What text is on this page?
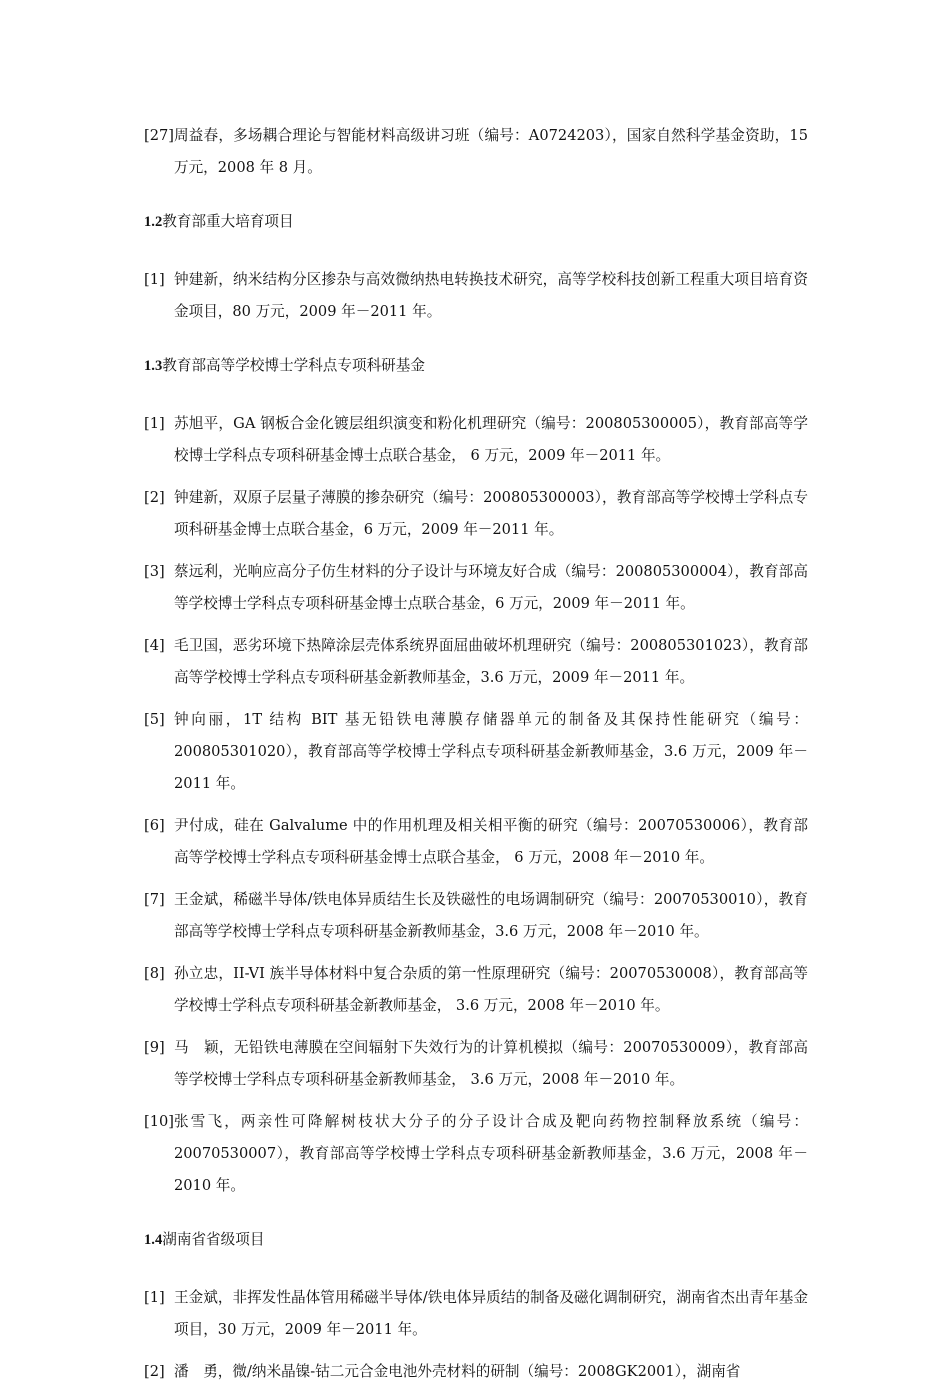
[27] 周益春，多场耦合理论与智能材料高级讲习班（编号：A0724203），国家自然科学基金资助，15 万元，2008 年 8 月。
1.2教育部重大培育项目
[1] 钟建新，纳米结构分区掺杂与高效微纳热电转换技术研究，高等学校科技创新工程重大项目培育资金项目，80 万元，2009 年－2011 年。
1.3教育部高等学校博士学科点专项科研基金
[1] 苏旭平，GA 钢板合金化镀层组织演变和粉化机理研究（编号：200805300005），教育部高等学校博士学科点专项科研基金博士点联合基金， 6 万元，2009 年－2011 年。
[2] 钟建新，双原子层量子薄膜的掺杂研究（编号：200805300003），教育部高等学校博士学科点专项科研基金博士点联合基金，6 万元，2009 年－2011 年。
[3] 蔡远利，光响应高分子仿生材料的分子设计与环境友好合成（编号：200805300004），教育部高等学校博士学科点专项科研基金博士点联合基金，6 万元，2009 年－2011 年。
[4] 毛卫国，恶劣环境下热障涂层壳体系统界面屈曲破坏机理研究（编号：200805301023），教育部高等学校博士学科点专项科研基金新教师基金，3.6 万元，2009 年－2011 年。
[5] 钟向丽，1T 结构 BIT 基无铅铁电薄膜存储器单元的制备及其保持性能研究（编号：200805301020），教育部高等学校博士学科点专项科研基金新教师基金，3.6 万元，2009 年－2011 年。
[6] 尹付成，硅在 Galvalume 中的作用机理及相关相平衡的研究（编号：20070530006），教育部高等学校博士学科点专项科研基金博士点联合基金， 6 万元，2008 年－2010 年。
[7] 王金斌，稀磁半导体/铁电体异质结生长及铁磁性的电场调制研究（编号：20070530010），教育部高等学校博士学科点专项科研基金新教师基金，3.6 万元，2008 年－2010 年。
[8] 孙立忠，II-VI 族半导体材料中复合杂质的第一性原理研究（编号：20070530008），教育部高等学校博士学科点专项科研基金新教师基金， 3.6 万元，2008 年－2010 年。
[9] 马　颖，无铅铁电薄膜在空间辐射下失效行为的计算机模拟（编号：20070530009），教育部高等学校博士学科点专项科研基金新教师基金， 3.6 万元，2008 年－2010 年。
[10] 张雪飞，两亲性可降解树枝状大分子的分子设计合成及靶向药物控制释放系统（编号：20070530007），教育部高等学校博士学科点专项科研基金新教师基金，3.6 万元，2008 年－2010 年。
1.4湖南省省级项目
[1] 王金斌，非挥发性晶体管用稀磁半导体/铁电体异质结的制备及磁化调制研究，湖南省杰出青年基金项目，30 万元，2009 年－2011 年。
[2] 潘　勇，微/纳米晶镍-钴二元合金电池外壳材料的研制（编号：2008GK2001），湖南省
